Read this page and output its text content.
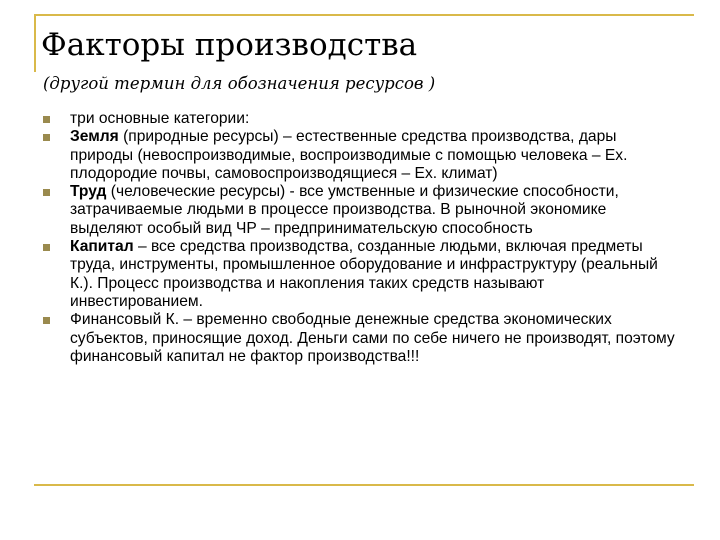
Факторы производства

(другой термин для обозначения ресурсов )

три основные категории:
Земля (природные ресурсы) – естественные средства производства, дары природы (невоспроизводимые, воспроизводимые с помощью человека – Ex. плодородие почвы, самовоспроизводящиеся – Ex. климат)
Труд (человеческие ресурсы) - все умственные и физические способности, затрачиваемые людьми в процессе производства. В рыночной экономике выделяют особый вид ЧР – предпринимательскую способность
Капитал – все средства производства, созданные людьми, включая предметы труда, инструменты, промышленное оборудование и инфраструктуру (реальный К.). Процесс производства и накопления таких средств называют инвестированием.
Финансовый К. – временно свободные денежные средства экономических субъектов, приносящие доход. Деньги сами по себе ничего не производят, поэтому финансовый капитал не фактор производства!!!
